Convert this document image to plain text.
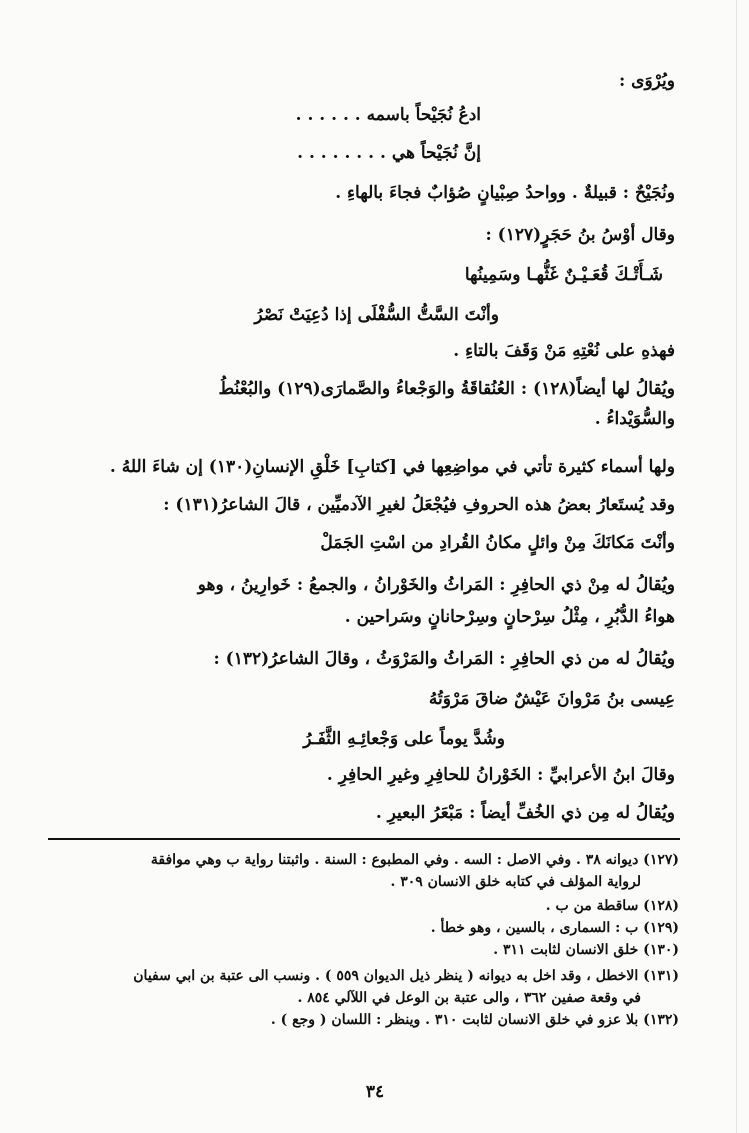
ويُرْوَى :
ادعُ نُجَيْحاً باسمه . . . . . .
إنَّ نُجَيْحاً هي . . . . . . . .
ونُجَيْحٌ : قبيلةٌ . وواحدُ صِبْيانٍ صُؤابٌ فجاءَ بالهاءِ .
وقال أوْسُ بنُ حَجَرٍ(١٢٧) :
شَـأَتْـكَ قُعَـيْـنٌ غَثُّهـا وسَمِينُها
وأنْتَ السَّتُّ السُّفْلَى إذا دُعِيَتْ نَصْرُ
فهذهِ على نُعْتِهِ مَنْ وَقَفَ بالتاءِ .
ويُقالُ لها أيضاً(١٢٨) : العُنُقاقَةُ والوَجْعاءُ والصَّمارَى(١٢٩) والبُعْنُطُ
والسُّوَيْداءُ .
ولها أسماء كثيرة تأتي في مواضِعِها في [كتابِ] خَلْقِ الإنسانِ(١٣٠) إن شاءَ اللهُ .
وقد يُستَعارُ بعضُ هذه الحروفِ فيُجْعَلُ لغيرِ الآدميِّين ، قالَ الشاعرُ(١٣١) :
وأنْتَ مَكانَكَ مِنْ وائلٍ مكانُ القُرادِ من اسْتِ الجَمَلْ
ويُقالُ له مِنْ ذي الحافِرِ : المَراثُ والخَوْرانُ ، والجمعُ : خَوارِينُ ، وهو
هواءُ الدُّبُرِ ، مِثْلُ سِرْحانٍ وسِرْحانانٍ وسَراحين .
ويُقالُ له من ذي الحافِرِ : المَراثُ والمَرْوَثُ ، وقالَ الشاعرُ(١٣٢) :
عِيسى بنُ مَرْوانَ عَيْشٌ ضاقَ مَرْوَتُهُ
وشُدَّ يوماً على وَجْعائِـهِ الثَّفَـرُ
وقالَ ابنُ الأعرابيِّ : الخَوْرانُ للحافِرِ وغيرِ الحافِرِ .
ويُقالُ له مِن ذي الخُفِّ أيضاً : مَبْعَرُ البعيرِ .
(١٢٧) ديوانه ٣٨ . وفي الاصل : السه . وفي المطبوع : السنة . واثبتنا رواية ب وهي موافقة
لرواية المؤلف في كتابه خلق الانسان ٣٠٩ .
(١٢٨) ساقطة من ب .
(١٢٩) ب : السمارى ، بالسين ، وهو خطأ .
(١٣٠) خلق الانسان لثابت ٣١١ .
(١٣١) الاخطل ، وقد اخل به ديوانه ( ينظر ذيل الديوان ٥٥٩ ) . ونسب الى عتبة بن ابي سفيان
في وقعة صفين ٣٦٢ ، والى عتبة بن الوعل في اللآلي ٨٥٤ .
(١٣٢) بلا عزو في خلق الانسان لثابت ٣١٠ . وينظر : اللسان ( وجع ) .
٣٤
